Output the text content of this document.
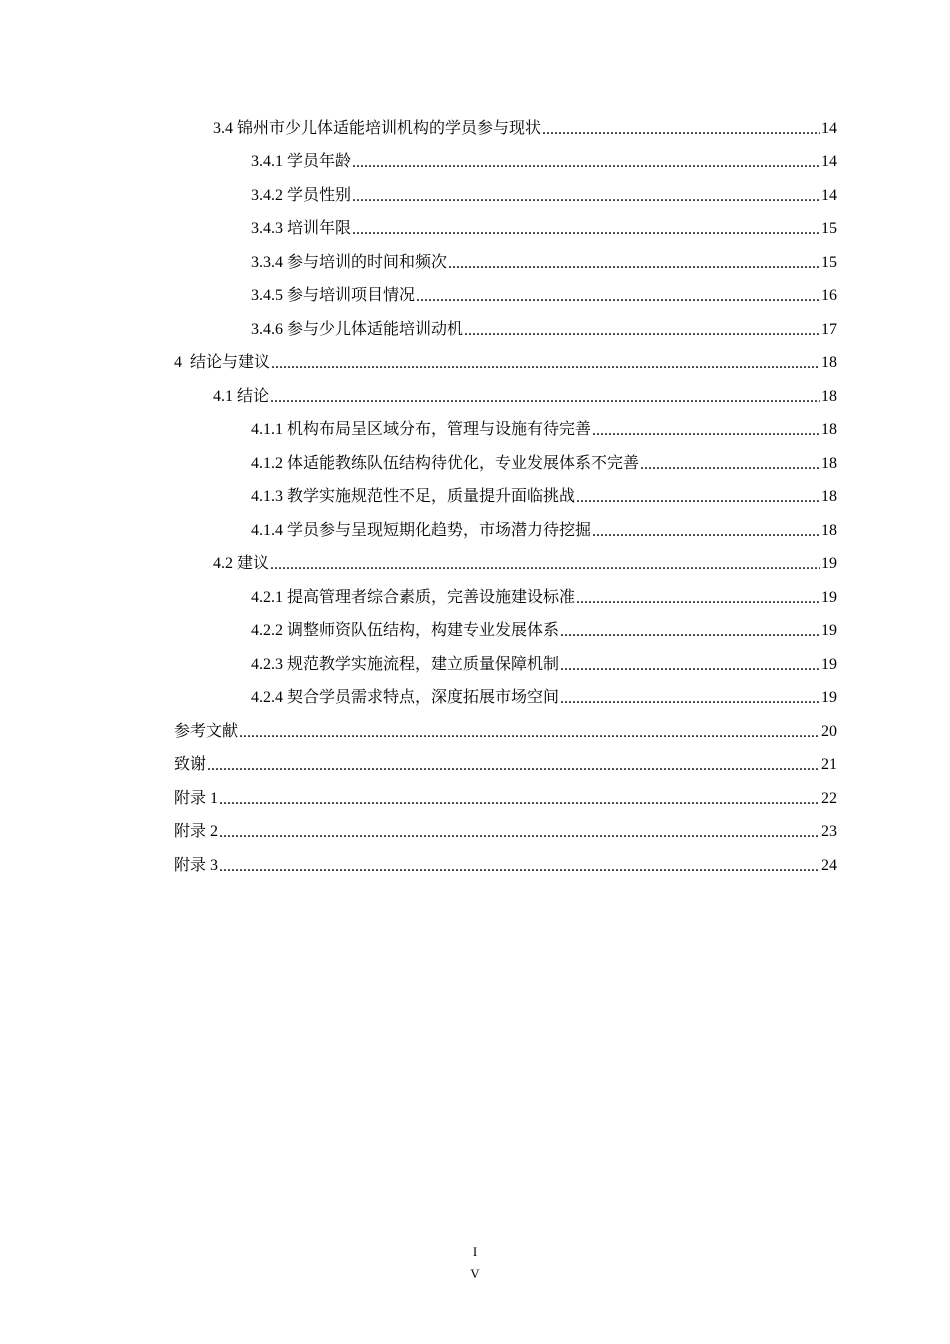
3.4 锦州市少儿体适能培训机构的学员参与现状 .....	14
3.4.1 学员年龄 .....	14
3.4.2 学员性别 .....	14
3.4.3 培训年限 .....	15
3.3.4 参与培训的时间和频次 .....	15
3.4.5 参与培训项目情况 .....	16
3.4.6 参与少儿体适能培训动机 .....	17
4  结论与建议 .....	18
4.1 结论 .....	18
4.1.1 机构布局呈区域分布，管理与设施有待完善 .....	18
4.1.2 体适能教练队伍结构待优化，专业发展体系不完善 .....	18
4.1.3 教学实施规范性不足，质量提升面临挑战 .....	18
4.1.4 学员参与呈现短期化趋势，市场潜力待挖掘 .....	18
4.2 建议 .....	19
4.2.1 提高管理者综合素质，完善设施建设标准 .....	19
4.2.2 调整师资队伍结构，构建专业发展体系 .....	19
4.2.3 规范教学实施流程，建立质量保障机制 .....	19
4.2.4 契合学员需求特点，深度拓展市场空间 .....	19
参考文献 .....	20
致谢 .....	21
附录 1 .....	22
附录 2 .....	23
附录 3 .....	24
I
V
